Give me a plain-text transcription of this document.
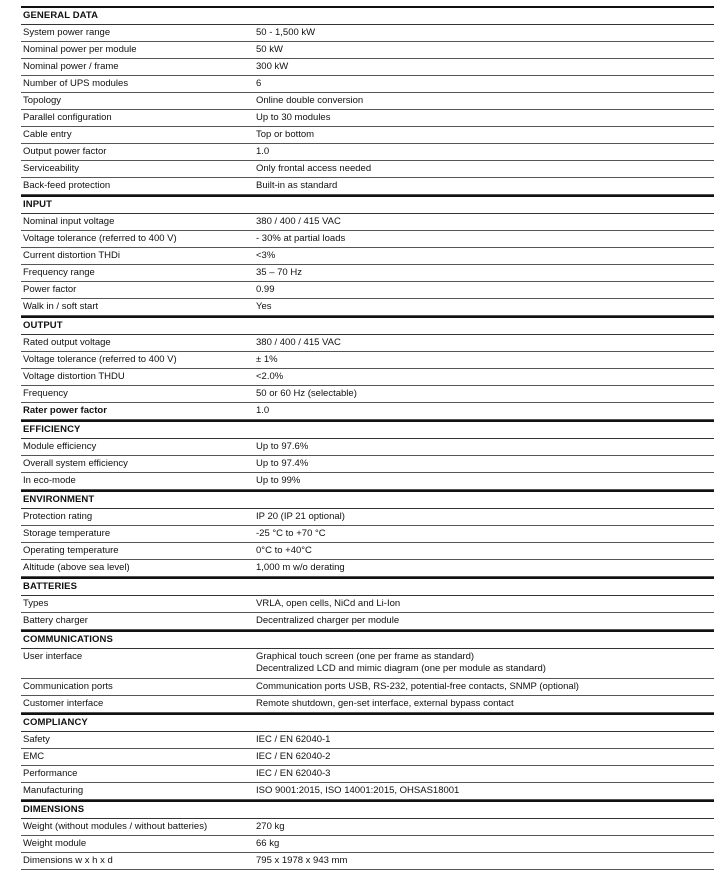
GENERAL DATA
System power range	50 - 1,500 kW
Nominal power per module	50 kW
Nominal power / frame	300 kW
Number of UPS modules	6
Topology	Online double conversion
Parallel configuration	Up to 30 modules
Cable entry	Top or bottom
Output power factor	1.0
Serviceability	Only frontal access needed
Back-feed protection	Built-in as standard
INPUT
Nominal input voltage	380 / 400 / 415 VAC
Voltage tolerance (referred to 400 V)	- 30% at partial loads
Current distortion THDi	<3%
Frequency range	35 – 70 Hz
Power factor	0.99
Walk in / soft start	Yes
OUTPUT
Rated output voltage	380 / 400 / 415 VAC
Voltage tolerance (referred to 400 V)	± 1%
Voltage distortion THDU	<2.0%
Frequency	50 or 60 Hz (selectable)
Rater power factor	1.0
EFFICIENCY
Module efficiency	Up to 97.6%
Overall system efficiency	Up to 97.4%
In eco-mode	Up to 99%
ENVIRONMENT
Protection rating	IP 20 (IP 21 optional)
Storage temperature	-25 °C to +70 °C
Operating temperature	0°C to +40°C
Altitude (above sea level)	1,000 m w/o derating
BATTERIES
Types	VRLA, open cells, NiCd and Li-Ion
Battery charger	Decentralized charger per module
COMMUNICATIONS
User interface	Graphical touch screen (one per frame as standard)
Decentralized LCD and mimic diagram (one per module as standard)
Communication ports	Communication ports USB, RS-232, potential-free contacts, SNMP (optional)
Customer interface	Remote shutdown, gen-set interface, external bypass contact
COMPLIANCY
Safety	IEC / EN 62040-1
EMC	IEC / EN 62040-2
Performance	IEC / EN 62040-3
Manufacturing	ISO 9001:2015, ISO 14001:2015, OHSAS18001
DIMENSIONS
Weight (without modules / without batteries)	270 kg
Weight module	66 kg
Dimensions w x h x d	795 x 1978 x 943 mm
